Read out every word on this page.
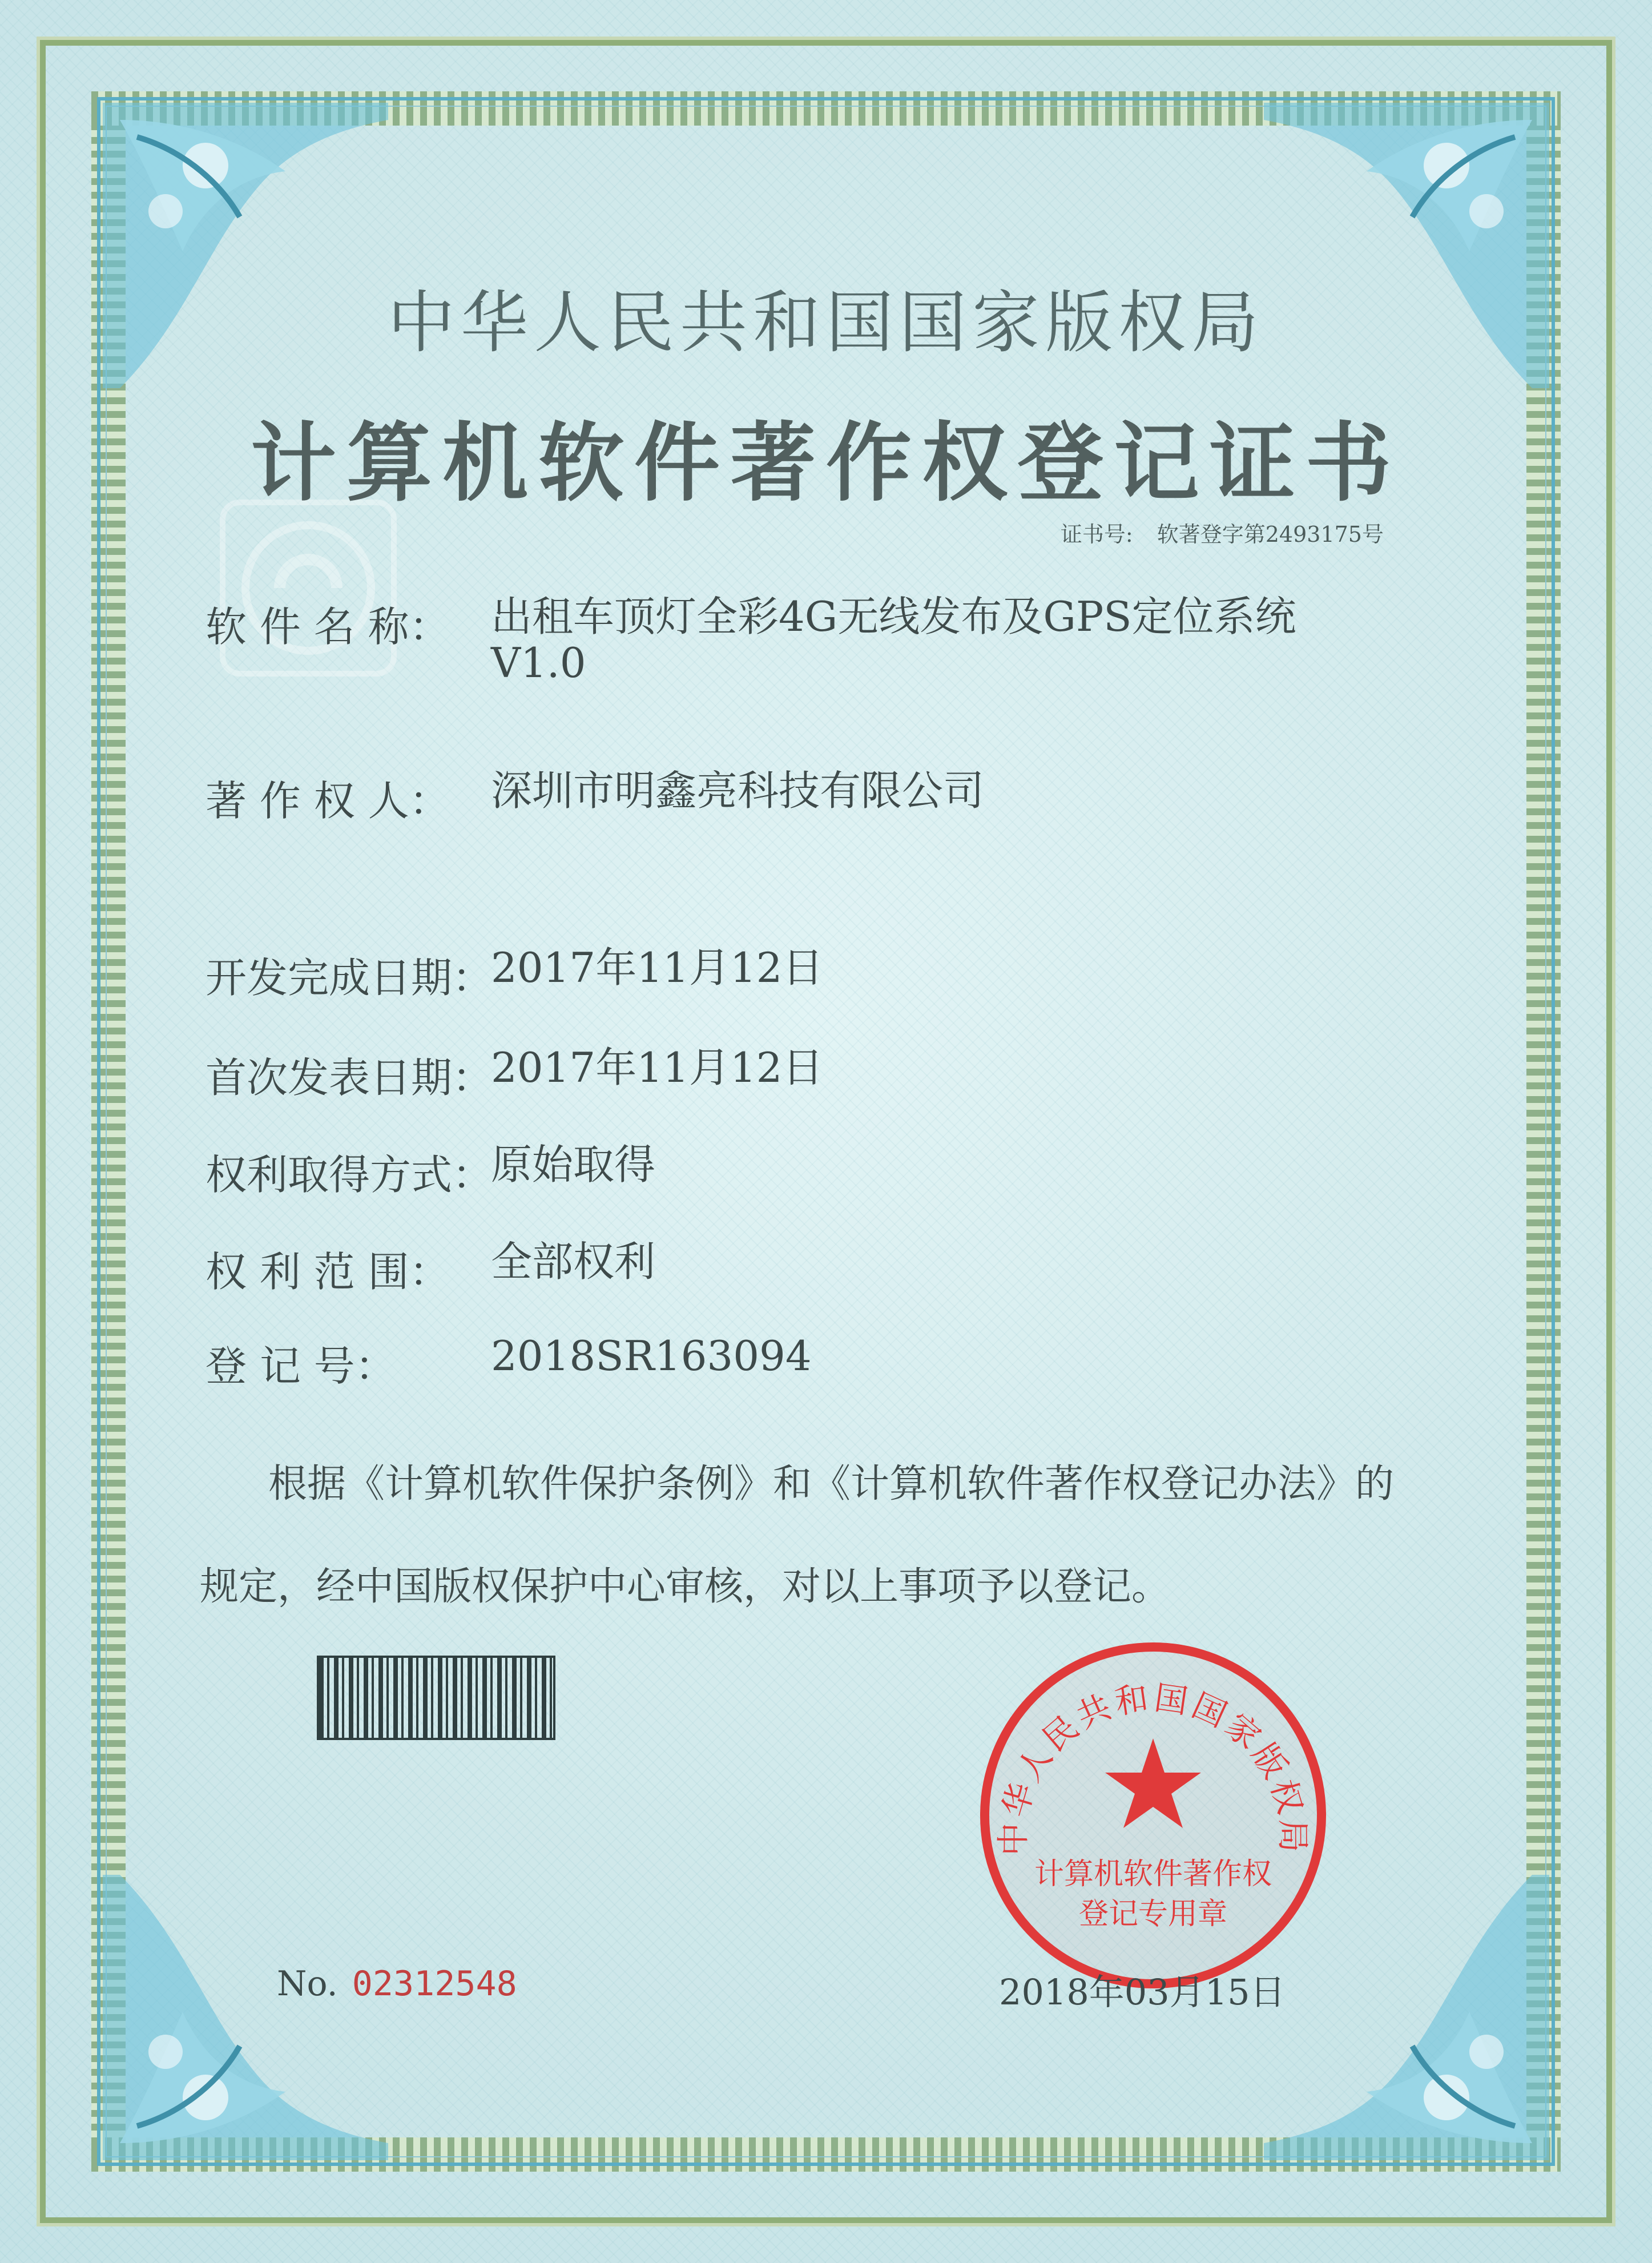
中华人民共和国国家版权局
计算机软件著作权登记证书
证书号: 软著登字第2493175号
软 件 名 称： 出租车顶灯全彩4G无线发布及GPS定位系统
V1.0
著 作 权 人： 深圳市明鑫亮科技有限公司
开发完成日期：
2017年11月12日
首次发表日期：
2017年11月12日
权利取得方式：
原始取得
权 利 范 围： 全部权利
登 记 号：	2018SR163094
根据《计算机软件保护条例》和《计算机软件著作权登记办法》的
规定，经中国版权保护中心审核，对以上事项予以登记。
中华人民共和国国家版权局
计算机软件著作权
登记专用章
No. 02312548	2018年03月15日
